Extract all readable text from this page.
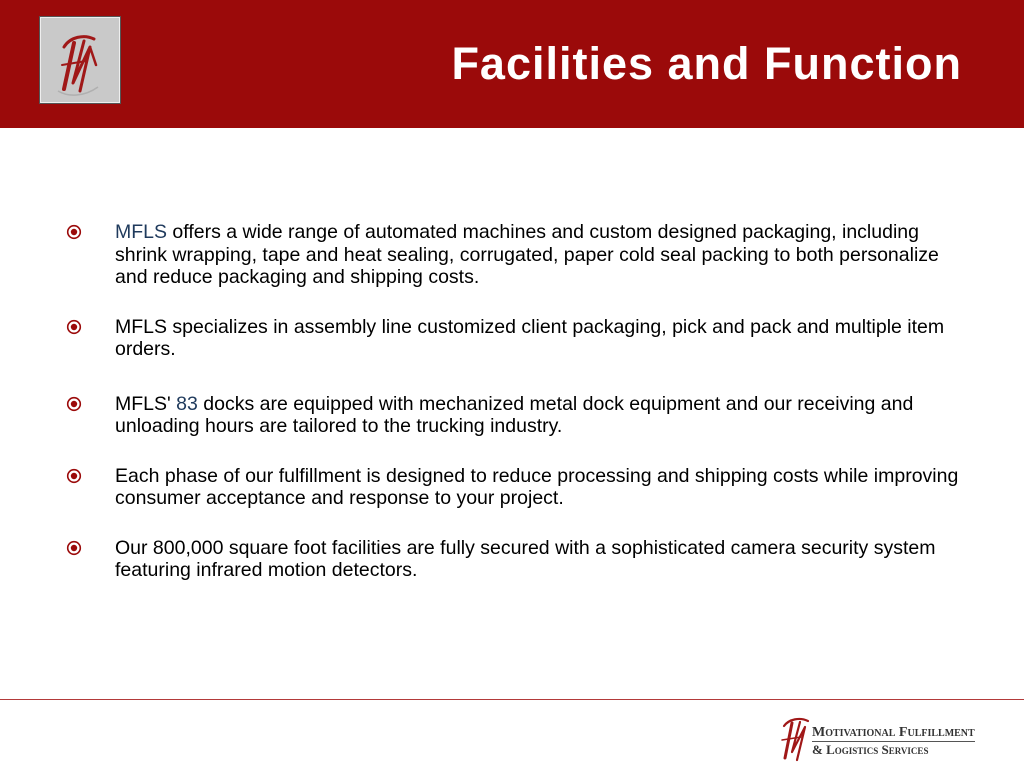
Facilities and Function
MFLS offers a wide range of automated machines and custom designed packaging, including shrink wrapping, tape and heat sealing, corrugated, paper cold seal packing to both personalize and reduce packaging and shipping costs.
MFLS specializes in assembly line customized client packaging, pick and pack and multiple item orders.
MFLS' 83 docks are equipped with mechanized metal dock equipment and our receiving and unloading hours are tailored to the trucking industry.
Each phase of our fulfillment is designed to reduce processing and shipping costs while improving consumer acceptance and response to your project.
Our 800,000 square foot facilities are fully secured with a sophisticated camera security system featuring infrared motion detectors.
Motivational Fulfillment
& Logistics Services
